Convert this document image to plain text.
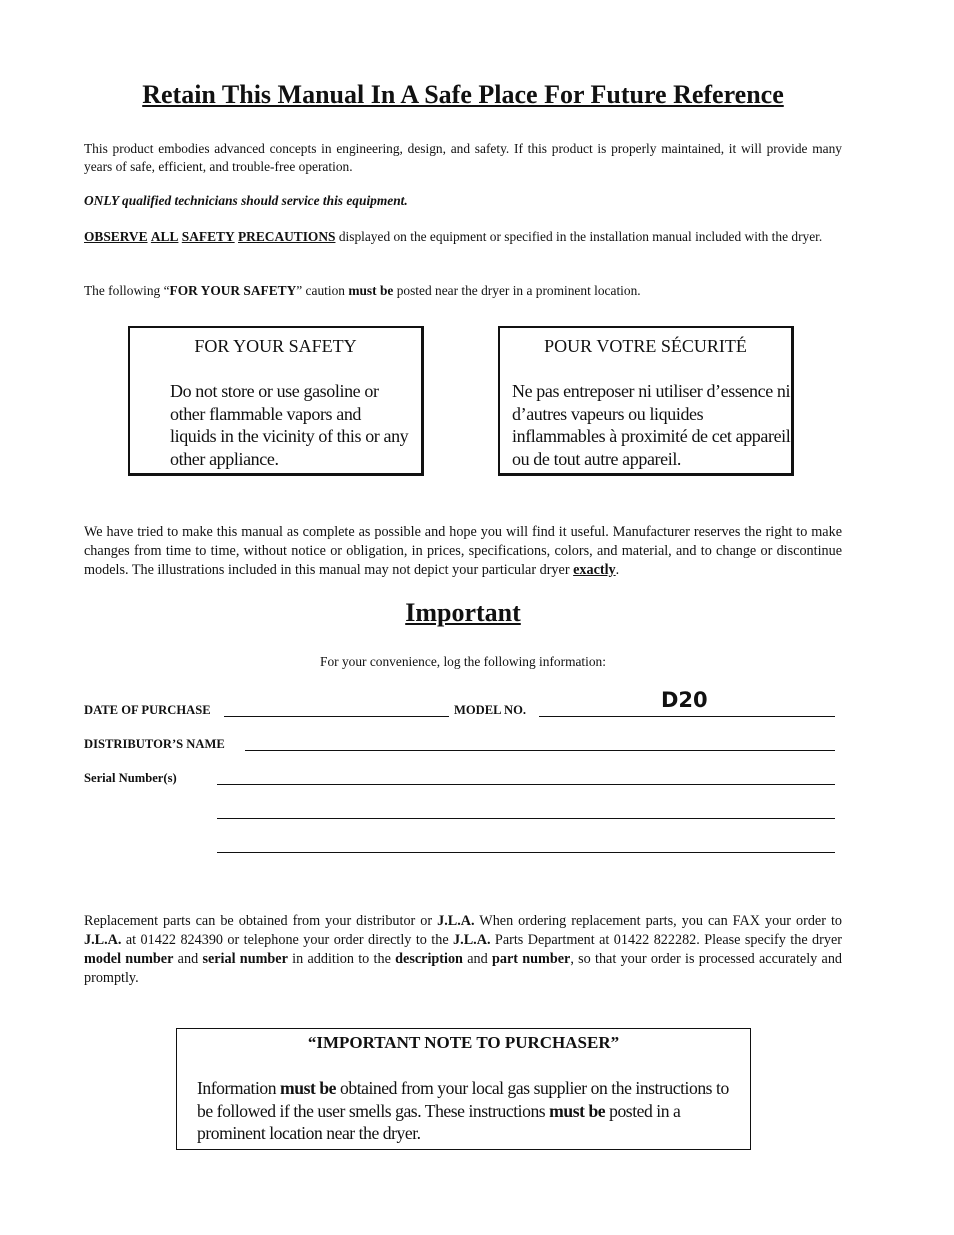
Retain This Manual In A Safe Place For Future Reference
This product embodies advanced concepts in engineering, design, and safety. If this product is properly maintained, it will provide many years of safe, efficient, and trouble-free operation.
ONLY qualified technicians should service this equipment.
OBSERVE ALL SAFETY PRECAUTIONS displayed on the equipment or specified in the installation manual included with the dryer.
The following “FOR YOUR SAFETY” caution must be posted near the dryer in a prominent location.
FOR YOUR SAFETY
Do not store or use gasoline or other flammable vapors and liquids in the vicinity of this or any other appliance.
POUR VOTRE SÉCURITÉ
Ne pas entreposer ni utiliser d’essence ni d’autres vapeurs ou liquides inflammables à proximité de cet appareil ou de tout autre appareil.
We have tried to make this manual as complete as possible and hope you will find it useful. Manufacturer reserves the right to make changes from time to time, without notice or obligation, in prices, specifications, colors, and material, and to change or discontinue models. The illustrations included in this manual may not depict your particular dryer exactly.
Important
For your convenience, log the following information:
DATE OF PURCHASE	MODEL NO.	D20
DISTRIBUTOR’S NAME
Serial Number(s)
Replacement parts can be obtained from your distributor or J.L.A. When ordering replacement parts, you can FAX your order to J.L.A. at 01422 824390 or telephone your order directly to the J.L.A. Parts Department at 01422 822282. Please specify the dryer model number and serial number in addition to the description and part number, so that your order is processed accurately and promptly.
“IMPORTANT NOTE TO PURCHASER”
Information must be obtained from your local gas supplier on the instructions to be followed if the user smells gas. These instructions must be posted in a prominent location near the dryer.
